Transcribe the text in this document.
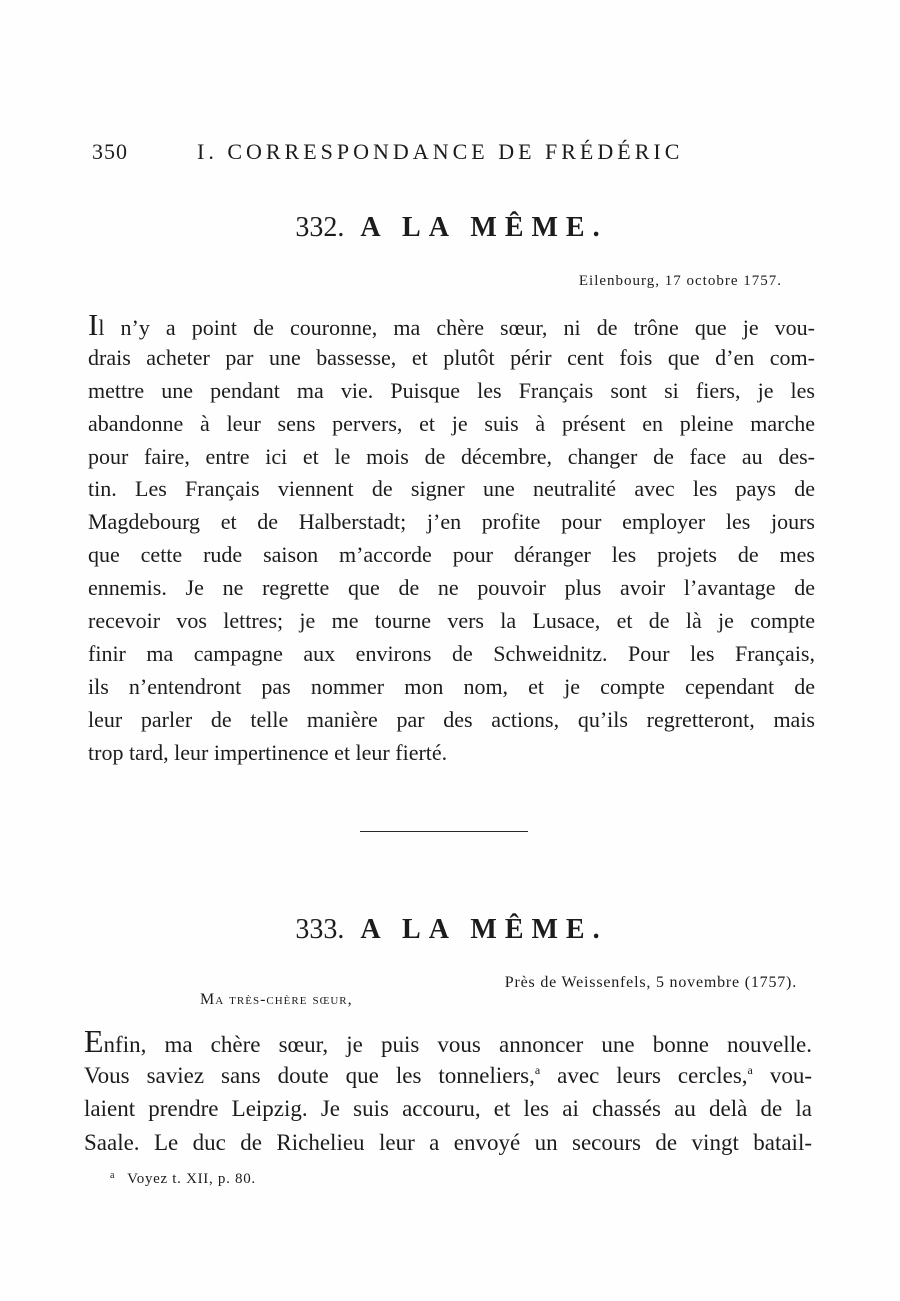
350	I. CORRESPONDANCE DE FRÉDÉRIC
332. A LA MÊME.
Eilenbourg, 17 octobre 1757.
Il n’y a point de couronne, ma chère sœur, ni de trône que je vou-
drais acheter par une bassesse, et plutôt périr cent fois que d’en com-
mettre une pendant ma vie. Puisque les Français sont si fiers, je les
abandonne à leur sens pervers, et je suis à présent en pleine marche
pour faire, entre ici et le mois de décembre, changer de face au des-
tin. Les Français viennent de signer une neutralité avec les pays de
Magdebourg et de Halberstadt; j’en profite pour employer les jours
que cette rude saison m’accorde pour déranger les projets de mes
ennemis. Je ne regrette que de ne pouvoir plus avoir l’avantage de
recevoir vos lettres; je me tourne vers la Lusace, et de là je compte
finir ma campagne aux environs de Schweidnitz. Pour les Français,
ils n’entendront pas nommer mon nom, et je compte cependant de
leur parler de telle manière par des actions, qu’ils regretteront, mais
trop tard, leur impertinence et leur fierté.
333. A LA MÊME.
Près de Weissenfels, 5 novembre (1757).
Ma très-chère sœur,
Enfin, ma chère sœur, je puis vous annoncer une bonne nouvelle.
Vous saviez sans doute que les tonneliers,$^a$ avec leurs cercles,$^a$ vou-
laient prendre Leipzig. Je suis accouru, et les ai chassés au delà de la
Saale. Le duc de Richelieu leur a envoyé un secours de vingt batail-
$^a$ Voyez t. XII, p. 80.
